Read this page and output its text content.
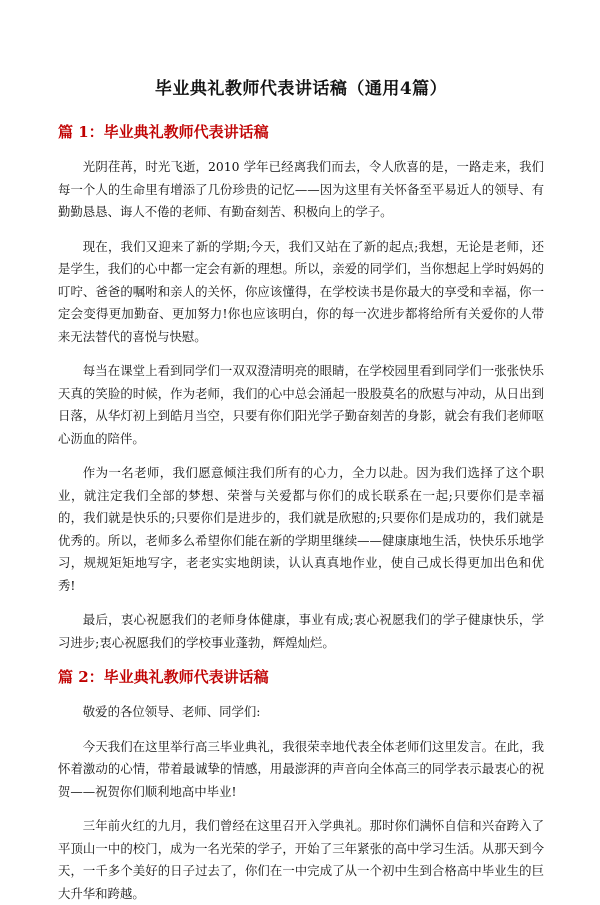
毕业典礼教师代表讲话稿（通用4篇）
篇 1：毕业典礼教师代表讲话稿

光阴荏苒，时光飞逝，2010 学年已经离我们而去，令人欣喜的是，一路走来，我们每一个人的生命里有增添了几份珍贵的记忆——因为这里有关怀备至平易近人的领导、有勤勤恳恳、诲人不倦的老师、有勤奋刻苦、积极向上的学子。

现在，我们又迎来了新的学期;今天，我们又站在了新的起点;我想，无论是老师，还是学生，我们的心中都一定会有新的理想。所以，亲爱的同学们，当你想起上学时妈妈的叮咛、爸爸的嘱咐和亲人的关怀，你应该懂得，在学校读书是你最大的享受和幸福，你一定会变得更加勤奋、更加努力!你也应该明白，你的每一次进步都将给所有关爱你的人带来无法替代的喜悦与快慰。

每当在课堂上看到同学们一双双澄清明亮的眼睛，在学校园里看到同学们一张张快乐天真的笑脸的时候，作为老师，我们的心中总会涌起一股股莫名的欣慰与冲动，从日出到日落，从华灯初上到皓月当空，只要有你们阳光学子勤奋刻苦的身影，就会有我们老师呕心沥血的陪伴。

作为一名老师，我们愿意倾注我们所有的心力，全力以赴。因为我们选择了这个职业，就注定我们全部的梦想、荣誉与关爱都与你们的成长联系在一起;只要你们是幸福的，我们就是快乐的;只要你们是进步的，我们就是欣慰的;只要你们是成功的，我们就是优秀的。所以，老师多么希望你们能在新的学期里继续——健康康地生活，快快乐乐地学习，规规矩矩地写字，老老实实地朗读，认认真真地作业，使自己成长得更加出色和优秀!

最后，衷心祝愿我们的老师身体健康，事业有成;衷心祝愿我们的学子健康快乐，学习进步;衷心祝愿我们的学校事业蓬勃，辉煌灿烂。

篇 2：毕业典礼教师代表讲话稿

敬爱的各位领导、老师、同学们:

今天我们在这里举行高三毕业典礼，我很荣幸地代表全体老师们这里发言。在此，我怀着激动的心情，带着最诚挚的情感，用最澎湃的声音向全体高三的同学表示最衷心的祝贺——祝贺你们顺利地高中毕业!

三年前火红的九月，我们曾经在这里召开入学典礼。那时你们满怀自信和兴奋跨入了平顶山一中的校门，成为一名光荣的学子，开始了三年紧张的高中学习生活。从那天到今天，一千多个美好的日子过去了，你们在一中完成了从一个初中生到合格高中毕业生的巨大升华和跨越。
